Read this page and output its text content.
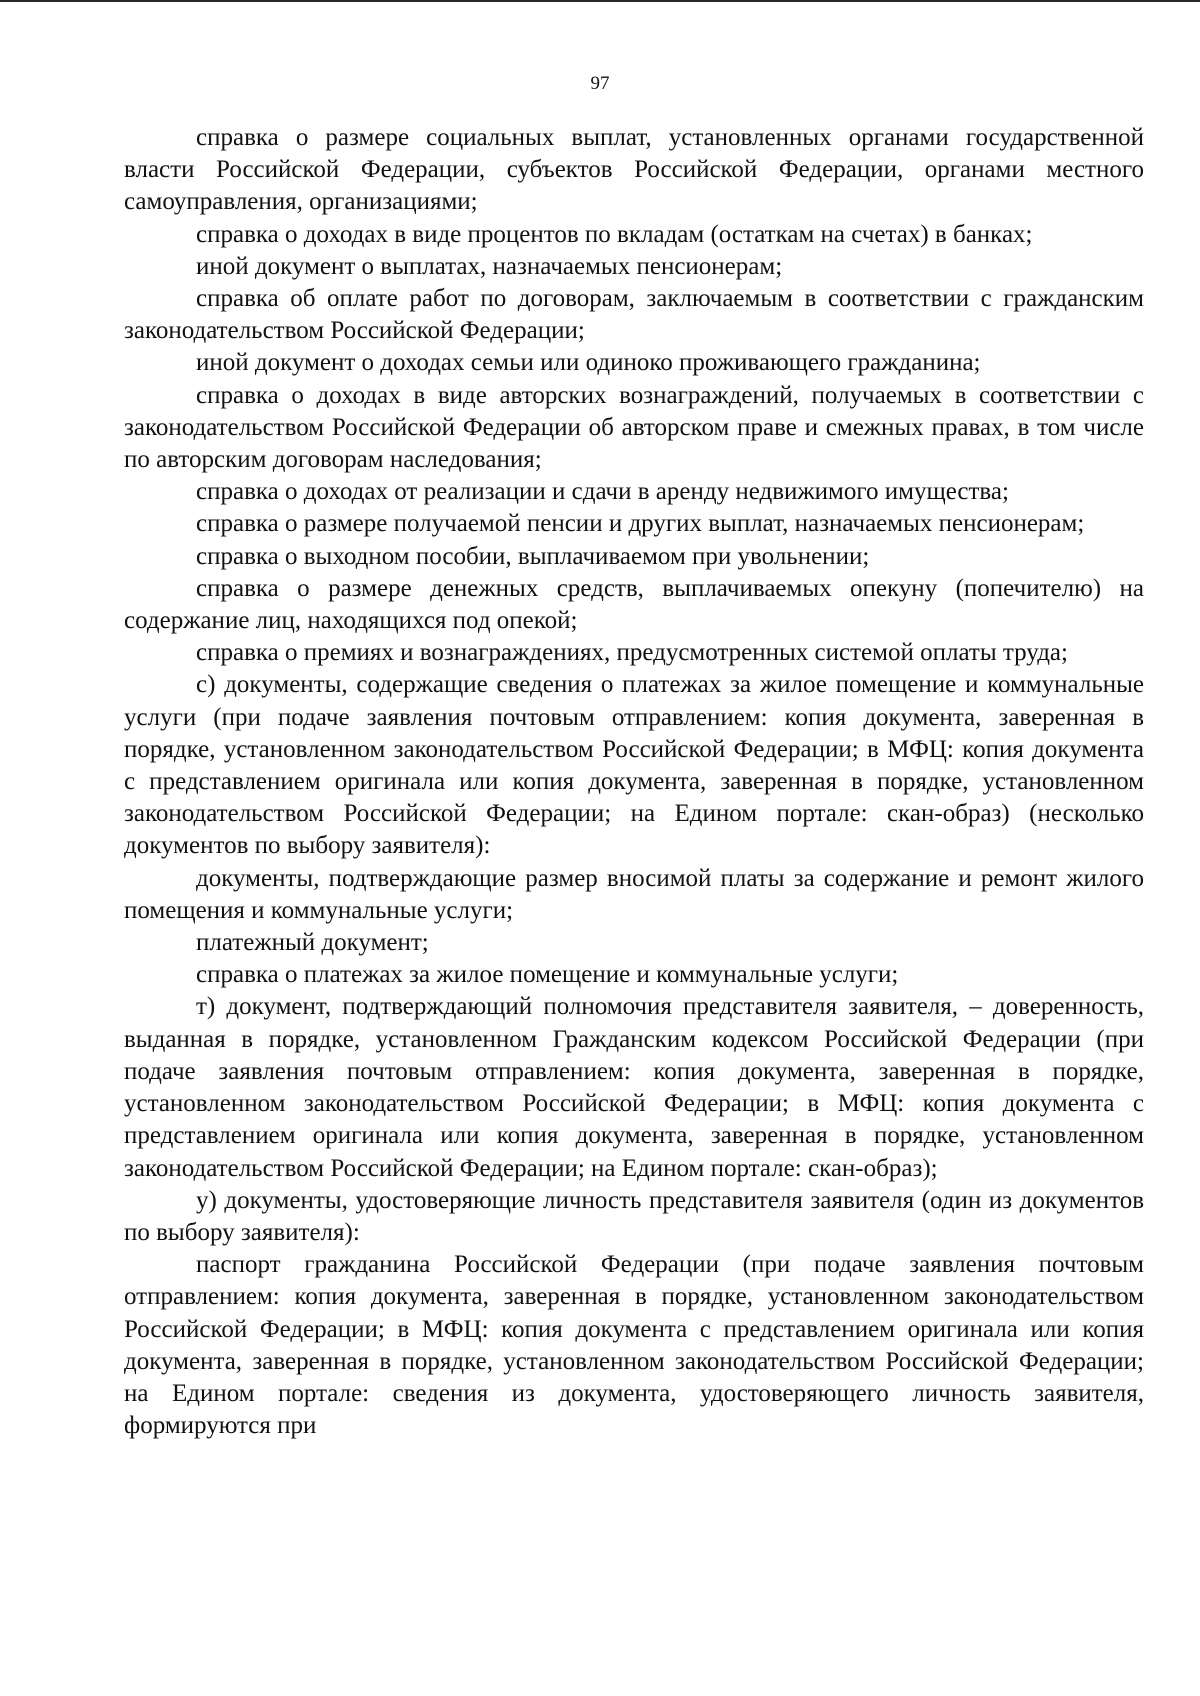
97

справка о размере социальных выплат, установленных органами государственной власти Российской Федерации, субъектов Российской Федерации, органами местного самоуправления, организациями;

справка о доходах в виде процентов по вкладам (остаткам на счетах) в банках;

иной документ о выплатах, назначаемых пенсионерам;

справка об оплате работ по договорам, заключаемым в соответствии с гражданским законодательством Российской Федерации;

иной документ о доходах семьи или одиноко проживающего гражданина;

справка о доходах в виде авторских вознаграждений, получаемых в соответствии с законодательством Российской Федерации об авторском праве и смежных правах, в том числе по авторским договорам наследования;

справка о доходах от реализации и сдачи в аренду недвижимого имущества;

справка о размере получаемой пенсии и других выплат, назначаемых пенсионерам;

справка о выходном пособии, выплачиваемом при увольнении;

справка о размере денежных средств, выплачиваемых опекуну (попечителю) на содержание лиц, находящихся под опекой;

справка о премиях и вознаграждениях, предусмотренных системой оплаты труда;

с) документы, содержащие сведения о платежах за жилое помещение и коммунальные услуги (при подаче заявления почтовым отправлением: копия документа, заверенная в порядке, установленном законодательством Российской Федерации; в МФЦ: копия документа с представлением оригинала или копия документа, заверенная в порядке, установленном законодательством Российской Федерации; на Едином портале: скан-образ) (несколько документов по выбору заявителя):

документы, подтверждающие размер вносимой платы за содержание и ремонт жилого помещения и коммунальные услуги;

платежный документ;

справка о платежах за жилое помещение и коммунальные услуги;

т) документ, подтверждающий полномочия представителя заявителя, – доверенность, выданная в порядке, установленном Гражданским кодексом Российской Федерации (при подаче заявления почтовым отправлением: копия документа, заверенная в порядке, установленном законодательством Российской Федерации; в МФЦ: копия документа с представлением оригинала или копия документа, заверенная в порядке, установленном законодательством Российской Федерации; на Едином портале: скан-образ);

у) документы, удостоверяющие личность представителя заявителя (один из документов по выбору заявителя):

паспорт гражданина Российской Федерации (при подаче заявления почтовым отправлением: копия документа, заверенная в порядке, установленном законодательством Российской Федерации; в МФЦ: копия документа с представлением оригинала или копия документа, заверенная в порядке, установленном законодательством Российской Федерации; на Едином портале: сведения из документа, удостоверяющего личность заявителя, формируются при
